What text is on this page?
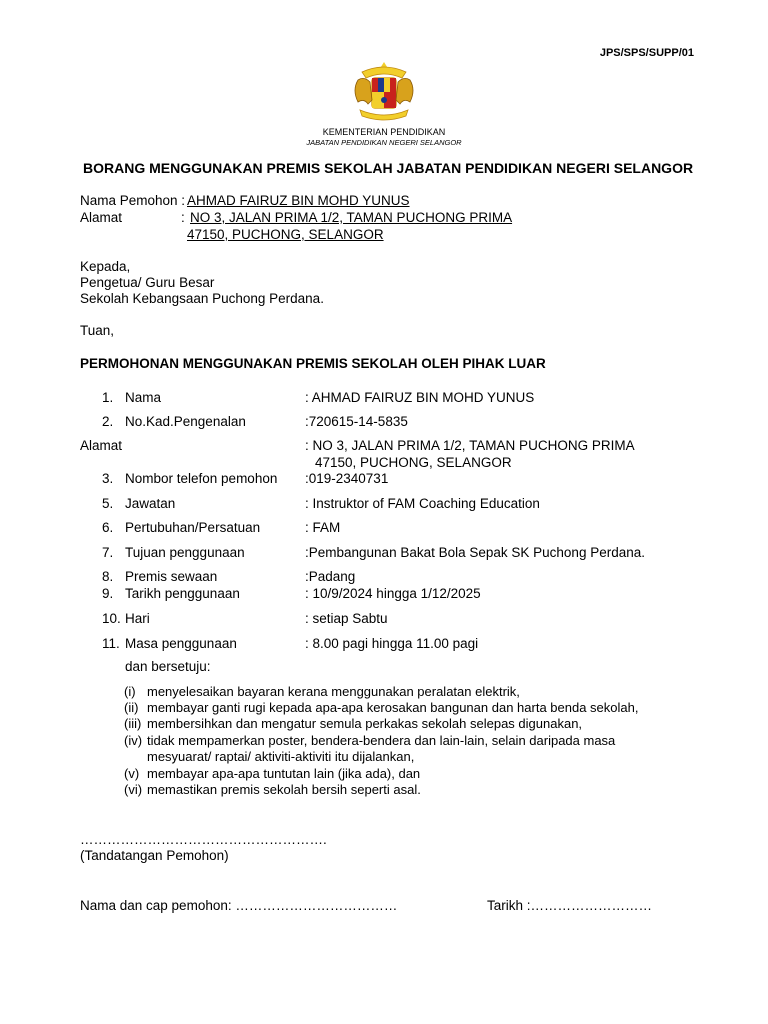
JPS/SPS/SUPP/01
KEMENTERIAN PENDIDIKAN
JABATAN PENDIDIKAN NEGERI SELANGOR
BORANG MENGGUNAKAN PREMIS SEKOLAH JABATAN PENDIDIKAN NEGERI SELANGOR
Nama Pemohon : AHMAD FAIRUZ BIN MOHD YUNUS
Alamat	: NO 3, JALAN PRIMA 1/2, TAMAN PUCHONG PRIMA
47150, PUCHONG, SELANGOR
Kepada,
Pengetua/ Guru Besar
Sekolah Kebangsaan Puchong Perdana.
Tuan,
PERMOHONAN MENGGUNAKAN PREMIS SEKOLAH OLEH PIHAK LUAR
1. Nama	: AHMAD FAIRUZ BIN MOHD YUNUS
2. No.Kad.Pengenalan	:720615-14-5835
Alamat	: NO 3, JALAN PRIMA 1/2, TAMAN PUCHONG PRIMA
47150, PUCHONG, SELANGOR
3. Nombor telefon pemohon :019-2340731
5. Jawatan	: Instruktor of FAM Coaching Education
6. Pertubuhan/Persatuan	: FAM
7. Tujuan penggunaan	:Pembangunan Bakat Bola Sepak SK Puchong Perdana.
8. Premis sewaan	:Padang
9. Tarikh penggunaan	: 10/9/2024 hingga 1/12/2025
10. Hari	: setiap Sabtu
11. Masa penggunaan	: 8.00 pagi hingga 11.00 pagi
dan bersetuju:
(i) menyelesaikan bayaran kerana menggunakan peralatan elektrik,
(ii) membayar ganti rugi kepada apa-apa kerosakan bangunan dan harta benda sekolah,
(iii) membersihkan dan mengatur semula perkakas sekolah selepas digunakan,
(iv) tidak mempamerkan poster, bendera-bendera dan lain-lain, selain daripada masa
mesyuarat/ raptai/ aktiviti-aktiviti itu dijalankan,
(v) membayar apa-apa tuntutan lain (jika ada), dan
(vi) memastikan premis sekolah bersih seperti asal.
……………………………………………….
(Tandatangan Pemohon)
Nama dan cap pemohon: ………………………………	Tarikh :………………………
